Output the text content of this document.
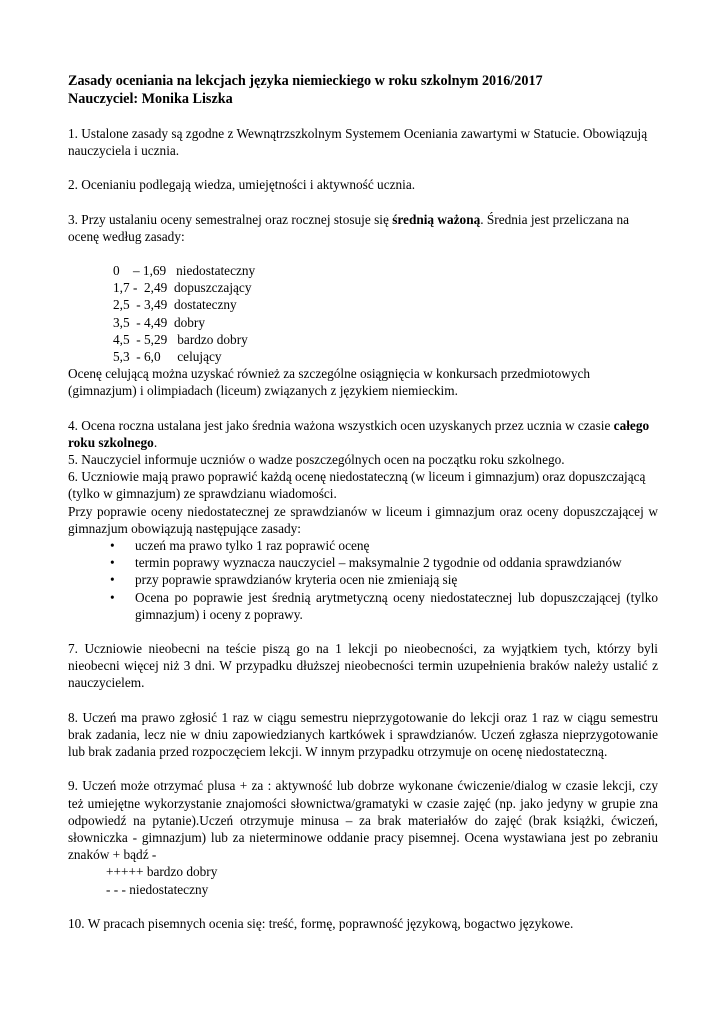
Zasady oceniania na lekcjach języka niemieckiego w roku szkolnym 2016/2017
Nauczyciel: Monika Liszka

1. Ustalone zasady są zgodne z Wewnątrzszkolnym Systemem Oceniania zawartymi w Statucie. Obowiązują nauczyciela i ucznia.

2. Ocenianiu podlegają wiedza, umiejętności i aktywność ucznia.

3. Przy ustalaniu oceny semestralnej oraz rocznej stosuje się średnią ważoną. Średnia jest przeliczana na ocenę według zasady:

0    – 1,69   niedostateczny
1,7 -  2,49  dopuszczający
2,5  - 3,49  dostateczny
3,5  - 4,49  dobry
4,5  - 5,29   bardzo dobry
5,3  - 6,0     celujący

Ocenę celującą można uzyskać również za szczególne osiągnięcia w konkursach przedmiotowych (gimnazjum) i olimpiadach (liceum) związanych z językiem niemieckim.

4. Ocena roczna ustalana jest jako średnia ważona wszystkich ocen uzyskanych przez ucznia w czasie całego roku szkolnego.

5. Nauczyciel informuje uczniów o wadze poszczególnych ocen na początku roku szkolnego.

6. Uczniowie mają prawo poprawić każdą ocenę niedostateczną (w liceum i gimnazjum) oraz dopuszczającą (tylko w gimnazjum) ze sprawdzianu wiadomości.

Przy poprawie oceny niedostatecznej ze sprawdzianów w liceum i gimnazjum oraz oceny dopuszczającej w gimnazjum obowiązują następujące zasady:

• uczeń ma prawo tylko 1 raz poprawić ocenę
• termin poprawy wyznacza nauczyciel – maksymalnie 2 tygodnie od oddania sprawdzianów
• przy poprawie sprawdzianów kryteria ocen nie zmieniają się
• Ocena po poprawie jest średnią arytmetyczną oceny niedostatecznej lub dopuszczającej (tylko gimnazjum) i oceny z poprawy.

7. Uczniowie nieobecni na teście piszą go na 1 lekcji po nieobecności, za wyjątkiem tych, którzy byli nieobecni więcej niż 3 dni. W przypadku dłuższej nieobecności termin uzupełnienia braków należy ustalić z nauczycielem.

8. Uczeń ma prawo zgłosić 1 raz w ciągu semestru nieprzygotowanie do lekcji oraz 1 raz w ciągu semestru brak zadania, lecz nie w dniu zapowiedzianych kartkówek i sprawdzianów. Uczeń zgłasza nieprzygotowanie lub brak zadania przed rozpoczęciem lekcji. W innym przypadku otrzymuje on ocenę niedostateczną.

9. Uczeń może otrzymać plusa + za : aktywność lub dobrze wykonane ćwiczenie/dialog w czasie lekcji, czy też umiejętne wykorzystanie znajomości słownictwa/gramatyki w czasie zajęć (np. jako jedyny w grupie zna odpowiedź na pytanie).Uczeń otrzymuje minusa – za brak materiałów do zajęć (brak książki, ćwiczeń, słowniczka - gimnazjum) lub za nieterminowe oddanie pracy pisemnej. Ocena wystawiana jest po zebraniu znaków + bądź -

+++++ bardzo dobry
- - - niedostateczny

10. W pracach pisemnych ocenia się: treść, formę, poprawność językową, bogactwo językowe.
